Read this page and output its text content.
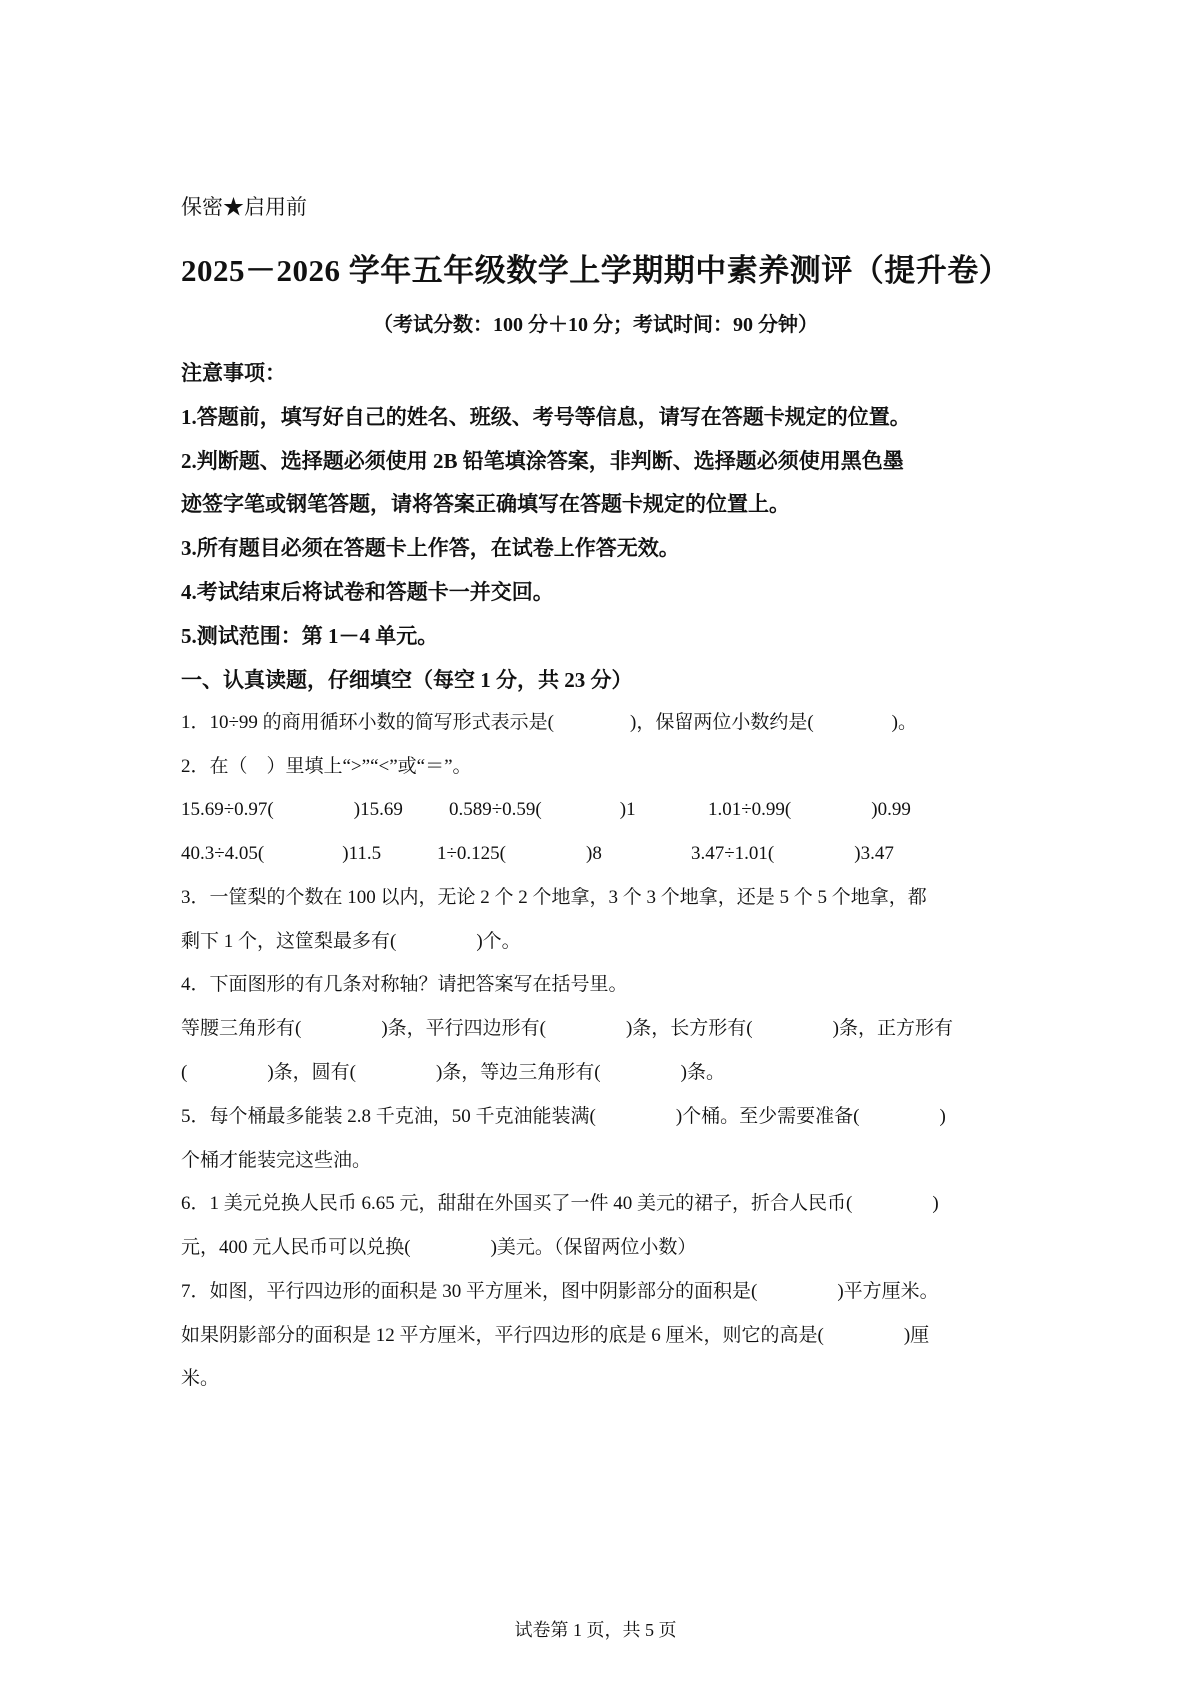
保密★启用前
2025－2026 学年五年级数学上学期期中素养测评（提升卷）
（考试分数：100 分＋10 分；考试时间：90 分钟）
注意事项：
1.答题前，填写好自己的姓名、班级、考号等信息，请写在答题卡规定的位置。
2.判断题、选择题必须使用 2B 铅笔填涂答案，非判断、选择题必须使用黑色墨
迹签字笔或钢笔答题，请将答案正确填写在答题卡规定的位置上。
3.所有题目必须在答题卡上作答，在试卷上作答无效。
4.考试结束后将试卷和答题卡一并交回。
5.测试范围：第 1－4 单元。
一、认真读题，仔细填空（每空 1 分，共 23 分）
1．10÷99 的商用循环小数的简写形式表示是(	)，保留两位小数约是(	)。
2．在（　）里填上“>”“<”或“＝”。
15.69÷0.97(	)15.69 0.589÷0.59(	)1	1.01÷0.99(	)0.99
40.3÷4.05(	)11.5	1÷0.125(	)8	3.47÷1.01(	)3.47
3．一筐梨的个数在 100 以内，无论 2 个 2 个地拿，3 个 3 个地拿，还是 5 个 5 个地拿，都
剩下 1 个，这筐梨最多有(	)个。
4．下面图形的有几条对称轴？请把答案写在括号里。
等腰三角形有(	)条，平行四边形有(	)条，长方形有(	)条，正方形有
(	)条，圆有(	)条，等边三角形有(	)条。
5．每个桶最多能装 2.8 千克油，50 千克油能装满(	)个桶。至少需要准备(	)
个桶才能装完这些油。
6．1 美元兑换人民币 6.65 元，甜甜在外国买了一件 40 美元的裙子，折合人民币(	)
元，400 元人民币可以兑换(	)美元。（保留两位小数）
7．如图，平行四边形的面积是 30 平方厘米，图中阴影部分的面积是(	)平方厘米。
如果阴影部分的面积是 12 平方厘米，平行四边形的底是 6 厘米，则它的高是(	)厘
米。
试卷第 1 页，共 5 页
